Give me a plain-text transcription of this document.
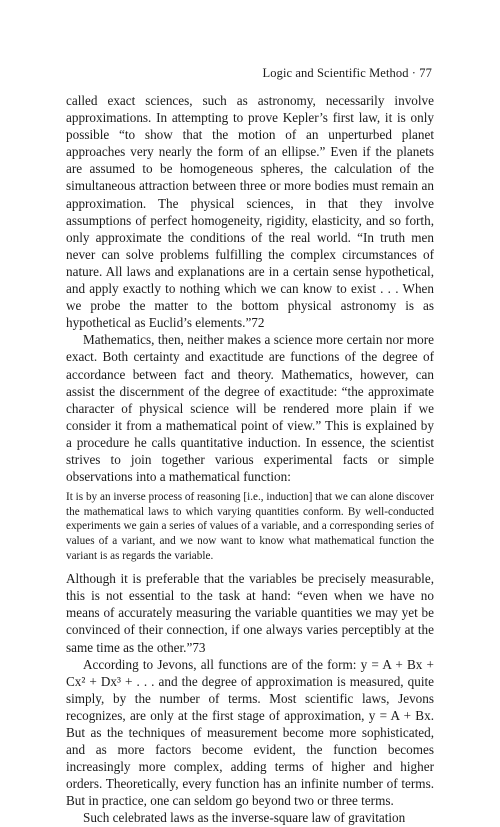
Logic and Scientific Method · 77

called exact sciences, such as astronomy, necessarily involve approximations. In attempting to prove Kepler’s first law, it is only possible “to show that the motion of an unperturbed planet approaches very nearly the form of an ellipse.” Even if the planets are assumed to be homogeneous spheres, the calculation of the simultaneous attraction between three or more bodies must remain an approximation. The physical sciences, in that they involve assumptions of perfect homogeneity, rigidity, elasticity, and so forth, only approximate the conditions of the real world. “In truth men never can solve problems fulfilling the complex circumstances of nature. All laws and explanations are in a certain sense hypothetical, and apply exactly to nothing which we can know to exist . . . When we probe the matter to the bottom physical astronomy is as hypothetical as Euclid’s elements.”72

Mathematics, then, neither makes a science more certain nor more exact. Both certainty and exactitude are functions of the degree of accordance between fact and theory. Mathematics, however, can assist the discernment of the degree of exactitude: “the approximate character of physical science will be rendered more plain if we consider it from a mathematical point of view.” This is explained by a procedure he calls quantitative induction. In essence, the scientist strives to join together various experimental facts or simple observations into a mathematical function:

It is by an inverse process of reasoning [i.e., induction] that we can alone discover the mathematical laws to which varying quantities conform. By well-conducted experiments we gain a series of values of a variable, and a corresponding series of values of a variant, and we now want to know what mathematical function the variant is as regards the variable.

Although it is preferable that the variables be precisely measurable, this is not essential to the task at hand: “even when we have no means of accurately measuring the variable quantities we may yet be convinced of their connection, if one always varies perceptibly at the same time as the other.”73

According to Jevons, all functions are of the form: y = A + Bx + Cx² + Dx³ + . . . and the degree of approximation is measured, quite simply, by the number of terms. Most scientific laws, Jevons recognizes, are only at the first stage of approximation, y = A + Bx. But as the techniques of measurement become more sophisticated, and as more factors become evident, the function becomes increasingly more complex, adding terms of higher and higher orders. Theoretically, every function has an infinite number of terms. But in practice, one can seldom go beyond two or three terms.

Such celebrated laws as the inverse-square law of gravitation
